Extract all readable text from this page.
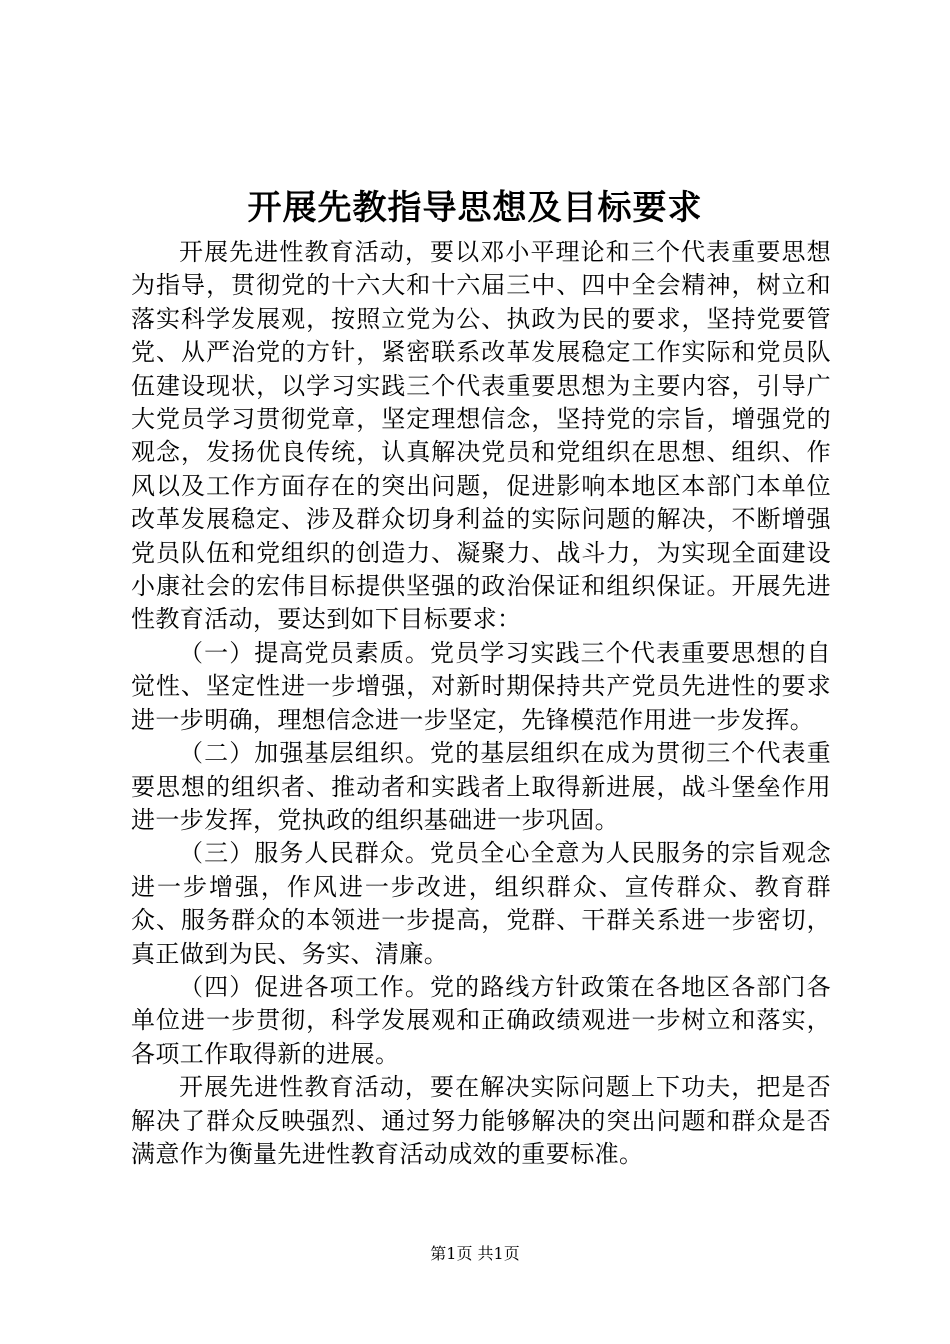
开展先教指导思想及目标要求

开展先进性教育活动，要以邓小平理论和三个代表重要思想为指导，贯彻党的十六大和十六届三中、四中全会精神，树立和落实科学发展观，按照立党为公、执政为民的要求，坚持党要管党、从严治党的方针，紧密联系改革发展稳定工作实际和党员队伍建设现状，以学习实践三个代表重要思想为主要内容，引导广大党员学习贯彻党章，坚定理想信念，坚持党的宗旨，增强党的观念，发扬优良传统，认真解决党员和党组织在思想、组织、作风以及工作方面存在的突出问题，促进影响本地区本部门本单位改革发展稳定、涉及群众切身利益的实际问题的解决，不断增强党员队伍和党组织的创造力、凝聚力、战斗力，为实现全面建设小康社会的宏伟目标提供坚强的政治保证和组织保证。开展先进性教育活动，要达到如下目标要求：

（一）提高党员素质。党员学习实践三个代表重要思想的自觉性、坚定性进一步增强，对新时期保持共产党员先进性的要求进一步明确，理想信念进一步坚定，先锋模范作用进一步发挥。

（二）加强基层组织。党的基层组织在成为贯彻三个代表重要思想的组织者、推动者和实践者上取得新进展，战斗堡垒作用进一步发挥，党执政的组织基础进一步巩固。

（三）服务人民群众。党员全心全意为人民服务的宗旨观念进一步增强，作风进一步改进，组织群众、宣传群众、教育群众、服务群众的本领进一步提高，党群、干群关系进一步密切，真正做到为民、务实、清廉。

（四）促进各项工作。党的路线方针政策在各地区各部门各单位进一步贯彻，科学发展观和正确政绩观进一步树立和落实，各项工作取得新的进展。

开展先进性教育活动，要在解决实际问题上下功夫，把是否解决了群众反映强烈、通过努力能够解决的突出问题和群众是否满意作为衡量先进性教育活动成效的重要标准。

第1页 共1页
